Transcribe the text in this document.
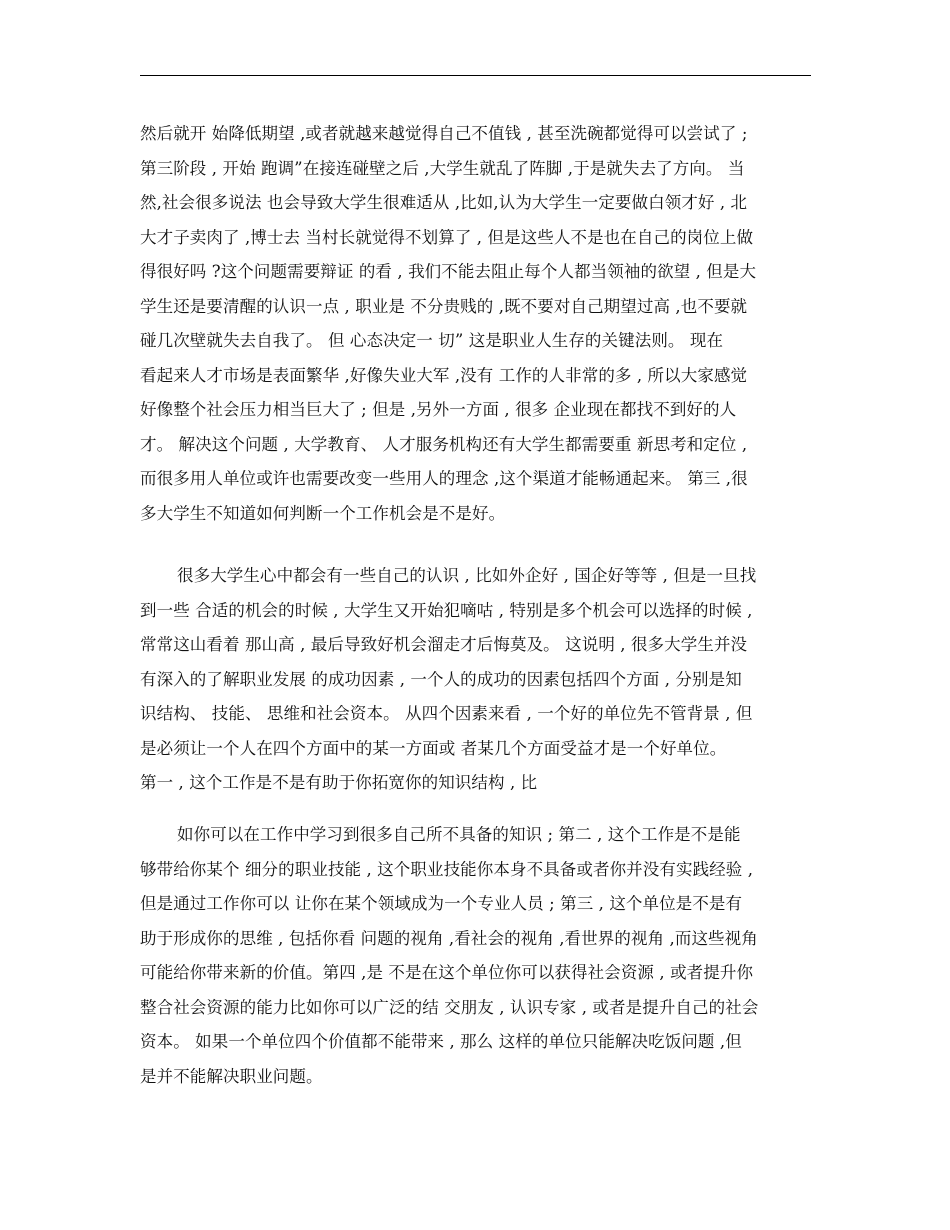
然后就开 始降低期望 ,或者就越来越觉得自己不值钱 , 甚至洗碗都觉得可以尝试了 ;
第三阶段 , 开始 跑调”在接连碰壁之后 ,大学生就乱了阵脚 ,于是就失去了方向。 当
然,社会很多说法 也会导致大学生很难适从 ,比如,认为大学生一定要做白领才好 , 北
大才子卖肉了 ,博士去 当村长就觉得不划算了 , 但是这些人不是也在自己的岗位上做
得很好吗 ?这个问题需要辩证 的看 , 我们不能去阻止每个人都当领袖的欲望 , 但是大
学生还是要清醒的认识一点 , 职业是 不分贵贱的 ,既不要对自己期望过高 ,也不要就
碰几次壁就失去自我了。 但 心态决定一 切” 这是职业人生存的关键法则。 现在
看起来人才市场是表面繁华 ,好像失业大军 ,没有 工作的人非常的多 , 所以大家感觉
好像整个社会压力相当巨大了 ; 但是 ,另外一方面 , 很多 企业现在都找不到好的人
才。 解决这个问题 , 大学教育、 人才服务机构还有大学生都需要重 新思考和定位 ,
而很多用人单位或许也需要改变一些用人的理念 ,这个渠道才能畅通起来。 第三 ,很
多大学生不知道如何判断一个工作机会是不是好。
很多大学生心中都会有一些自己的认识 , 比如外企好 , 国企好等等 , 但是一旦找
到一些 合适的机会的时候 , 大学生又开始犯嘀咕 , 特别是多个机会可以选择的时候 ,
常常这山看着 那山高 , 最后导致好机会溜走才后悔莫及。 这说明 , 很多大学生并没
有深入的了解职业发展 的成功因素 , 一个人的成功的因素包括四个方面 , 分别是知
识结构、 技能、 思维和社会资本。 从四个因素来看 , 一个好的单位先不管背景 , 但
是必须让一个人在四个方面中的某一方面或 者某几个方面受益才是一个好单位。
第一 , 这个工作是不是有助于你拓宽你的知识结构 , 比
如你可以在工作中学习到很多自己所不具备的知识 ; 第二 , 这个工作是不是能
够带给你某个 细分的职业技能 , 这个职业技能你本身不具备或者你并没有实践经验 ,
但是通过工作你可以 让你在某个领域成为一个专业人员 ; 第三 , 这个单位是不是有
助于形成你的思维 , 包括你看 问题的视角 ,看社会的视角 ,看世界的视角 ,而这些视角
可能给你带来新的价值。第四 ,是 不是在这个单位你可以获得社会资源 , 或者提升你
整合社会资源的能力比如你可以广泛的结 交朋友 , 认识专家 , 或者是提升自己的社会
资本。 如果一个单位四个价值都不能带来 , 那么 这样的单位只能解决吃饭问题 ,但
是并不能解决职业问题。
